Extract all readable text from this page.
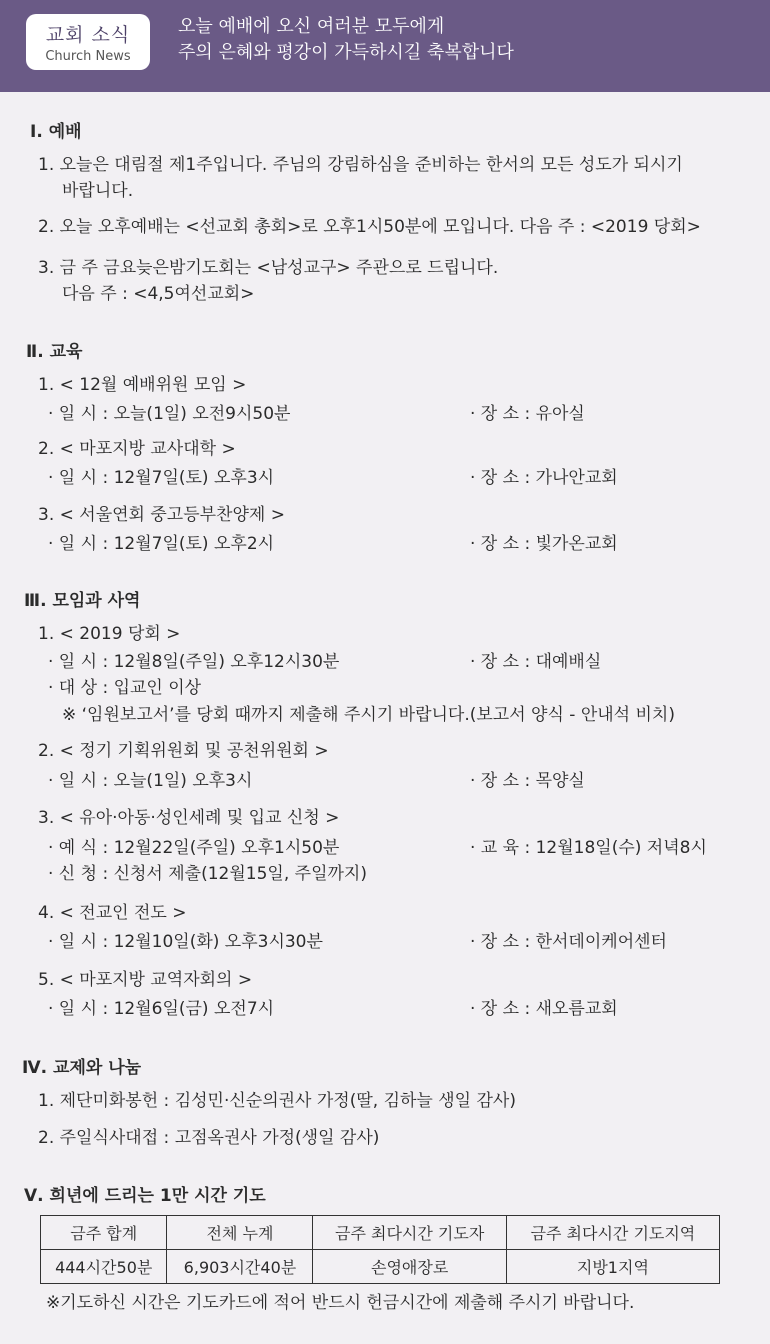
교회 소식
Church News
오늘 예배에 오신 여러분 모두에게
주의 은혜와 평강이 가득하시길 축복합니다
Ⅰ. 예배
1. 오늘은 대림절 제1주입니다. 주님의 강림하심을 준비하는 한서의 모든 성도가 되시기
바랍니다.
2. 오늘 오후예배는 <선교회 총회>로 오후1시50분에 모입니다. 다음 주 : <2019 당회>
3. 금 주 금요늦은밤기도회는 <남성교구> 주관으로 드립니다.
다음 주 : <4,5여선교회>
Ⅱ. 교육
1. < 12월 예배위원 모임 >
· 일 시 : 오늘(1일) 오전9시50분	· 장 소 : 유아실
2. < 마포지방 교사대학 >
· 일 시 : 12월7일(토) 오후3시	· 장 소 : 가나안교회
3. < 서울연회 중고등부찬양제 >
· 일 시 : 12월7일(토) 오후2시	· 장 소 : 빛가온교회
Ⅲ. 모임과 사역
1. < 2019 당회 >
· 일 시 : 12월8일(주일) 오후12시30분	· 장 소 : 대예배실
· 대 상 : 입교인 이상
※ ‘임원보고서’를 당회 때까지 제출해 주시기 바랍니다.(보고서 양식 - 안내석 비치)
2. < 정기 기획위원회 및 공천위원회 >
· 일 시 : 오늘(1일) 오후3시	· 장 소 : 목양실
3. < 유아·아동·성인세례 및 입교 신청 >
· 예 식 : 12월22일(주일) 오후1시50분	· 교 육 : 12월18일(수) 저녁8시
· 신 청 : 신청서 제출(12월15일, 주일까지)
4. < 전교인 전도 >
· 일 시 : 12월10일(화) 오후3시30분	· 장 소 : 한서데이케어센터
5. < 마포지방 교역자회의 >
· 일 시 : 12월6일(금) 오전7시	· 장 소 : 새오름교회
Ⅳ. 교제와 나눔
1. 제단미화봉헌 : 김성민·신순의권사 가정(딸, 김하늘 생일 감사)
2. 주일식사대접 : 고점옥권사 가정(생일 감사)
Ⅴ. 희년에 드리는 1만 시간 기도
금주 합계	전체 누계	금주 최다시간 기도자	금주 최다시간 기도지역
444시간50분	6,903시간40분	손영애장로	지방1지역
※기도하신 시간은 기도카드에 적어 반드시 헌금시간에 제출해 주시기 바랍니다.
